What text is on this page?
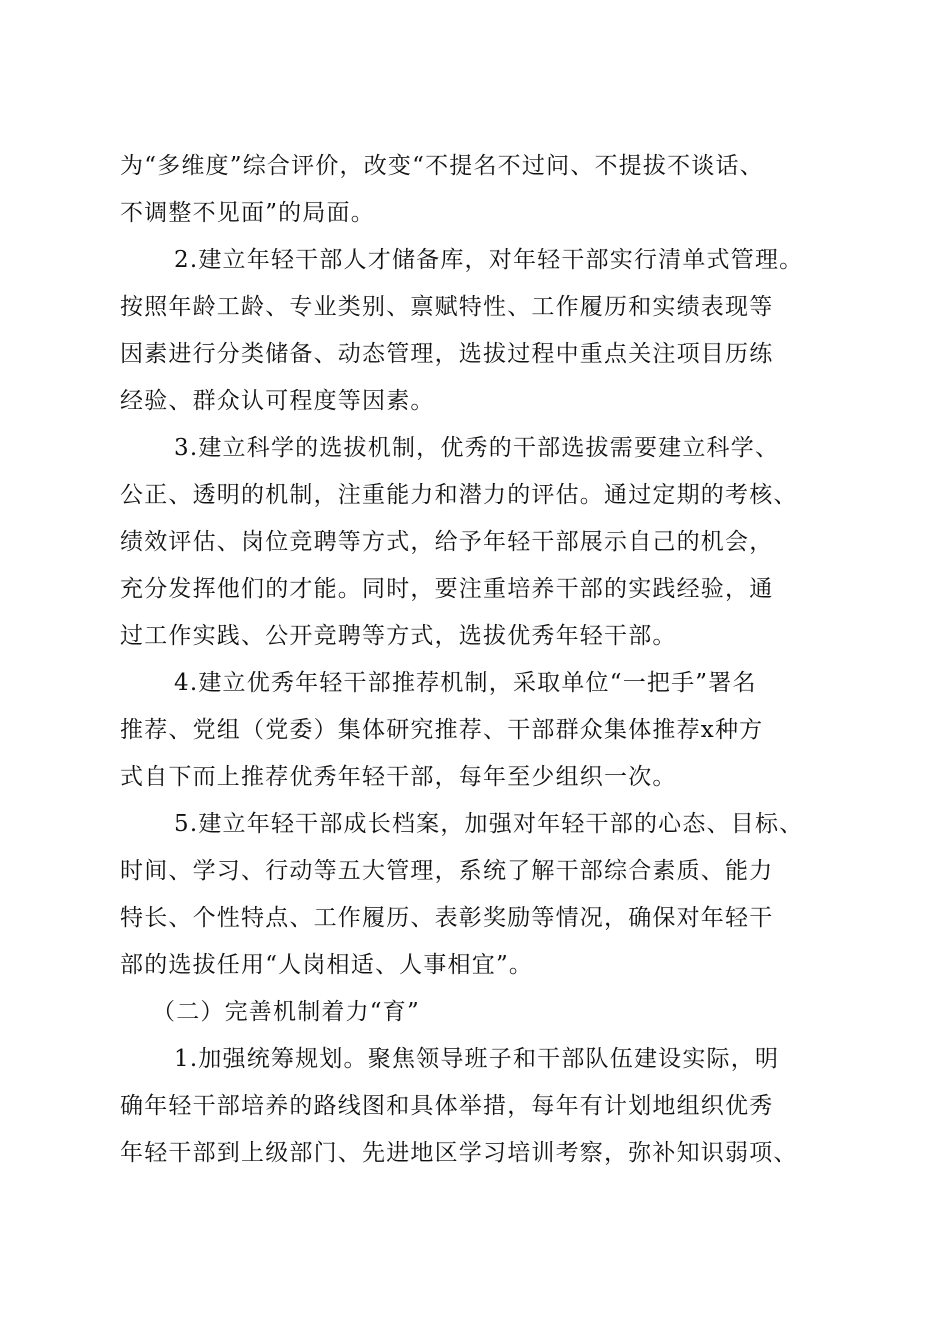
为“多维度”综合评价，改变“不提名不过问、不提拔不谈话、
不调整不见面”的局面。
2.建立年轻干部人才储备库，对年轻干部实行清单式管理。
按照年龄工龄、专业类别、禀赋特性、工作履历和实绩表现等
因素进行分类储备、动态管理，选拔过程中重点关注项目历练
经验、群众认可程度等因素。
3.建立科学的选拔机制，优秀的干部选拔需要建立科学、
公正、透明的机制，注重能力和潜力的评估。通过定期的考核、
绩效评估、岗位竞聘等方式，给予年轻干部展示自己的机会，
充分发挥他们的才能。同时，要注重培养干部的实践经验，通
过工作实践、公开竞聘等方式，选拔优秀年轻干部。
4.建立优秀年轻干部推荐机制，采取单位“一把手”署名
推荐、党组（党委）集体研究推荐、干部群众集体推荐x种方
式自下而上推荐优秀年轻干部，每年至少组织一次。
5.建立年轻干部成长档案，加强对年轻干部的心态、目标、
时间、学习、行动等五大管理，系统了解干部综合素质、能力
特长、个性特点、工作履历、表彰奖励等情况，确保对年轻干
部的选拔任用“人岗相适、人事相宜”。
（二）完善机制着力“育”
1.加强统筹规划。聚焦领导班子和干部队伍建设实际，明
确年轻干部培养的路线图和具体举措，每年有计划地组织优秀
年轻干部到上级部门、先进地区学习培训考察，弥补知识弱项、
